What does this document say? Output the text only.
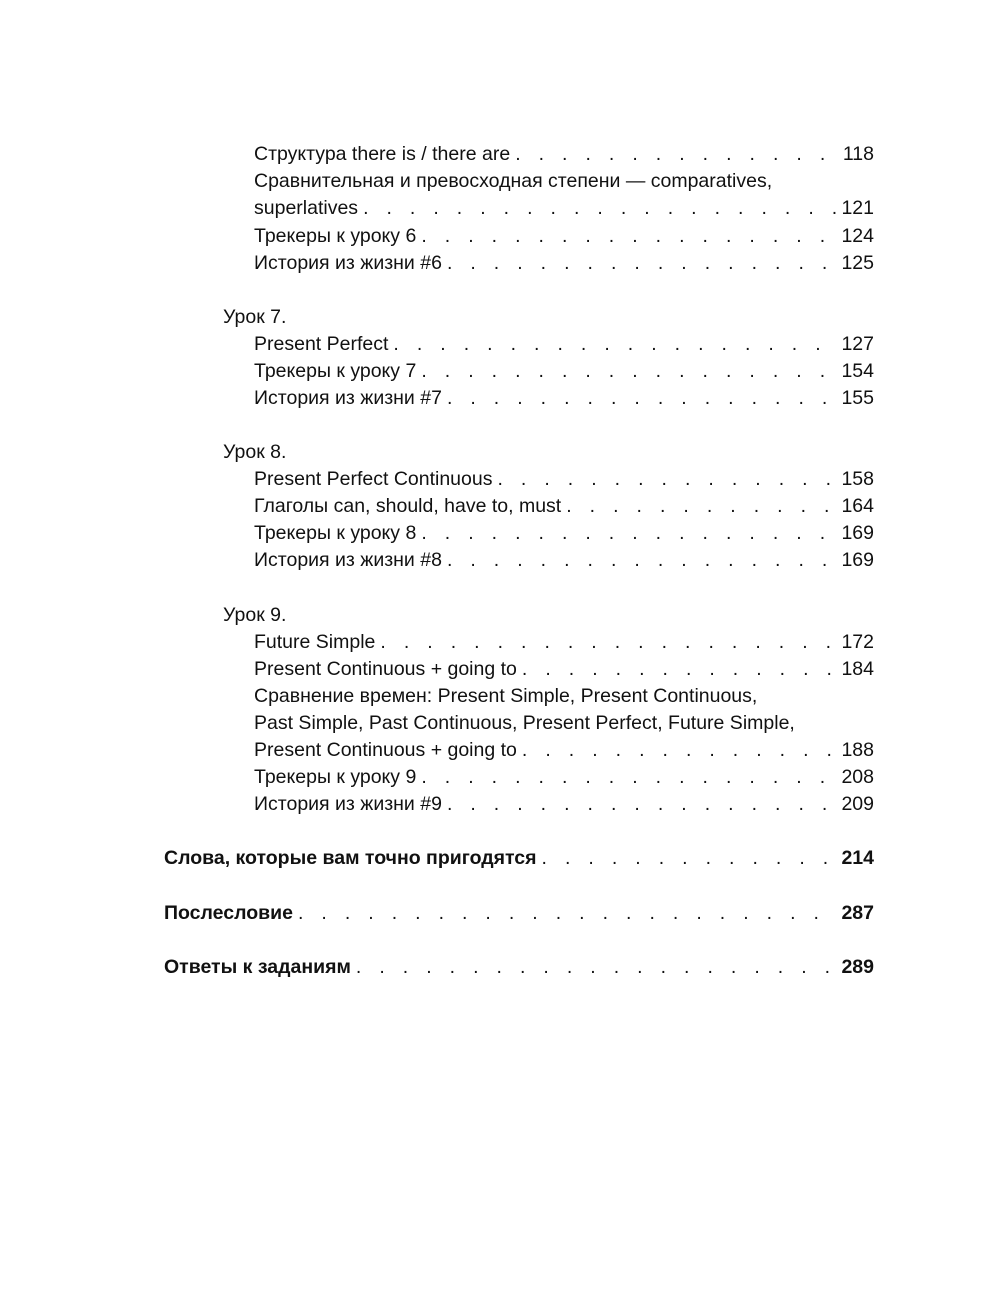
Структура there is / there are . . .	118
Сравнительная и превосходная степени — comparatives,
superlatives . . .	121
Трекеры к уроку 6 . . .	124
История из жизни #6 . . .	125
Урок 7.
Present Perfect . . .	127
Трекеры к уроку 7 . . .	154
История из жизни #7 . . .	155
Урок 8.
Present Perfect Continuous . . .	158
Глаголы can, should, have to, must . . .	164
Трекеры к уроку 8 . . .	169
История из жизни #8 . . .	169
Урок 9.
Future Simple . . .	172
Present Continuous + going to . . .	184
Сравнение времен: Present Simple, Present Continuous,
Past Simple, Past Continuous, Present Perfect, Future Simple,
Present Continuous + going to . . .	188
Трекеры к уроку 9 . . .	208
История из жизни #9 . . .	209
Слова, которые вам точно пригодятся . . .	214
Послесловие . . .	287
Ответы к заданиям . . .	289
